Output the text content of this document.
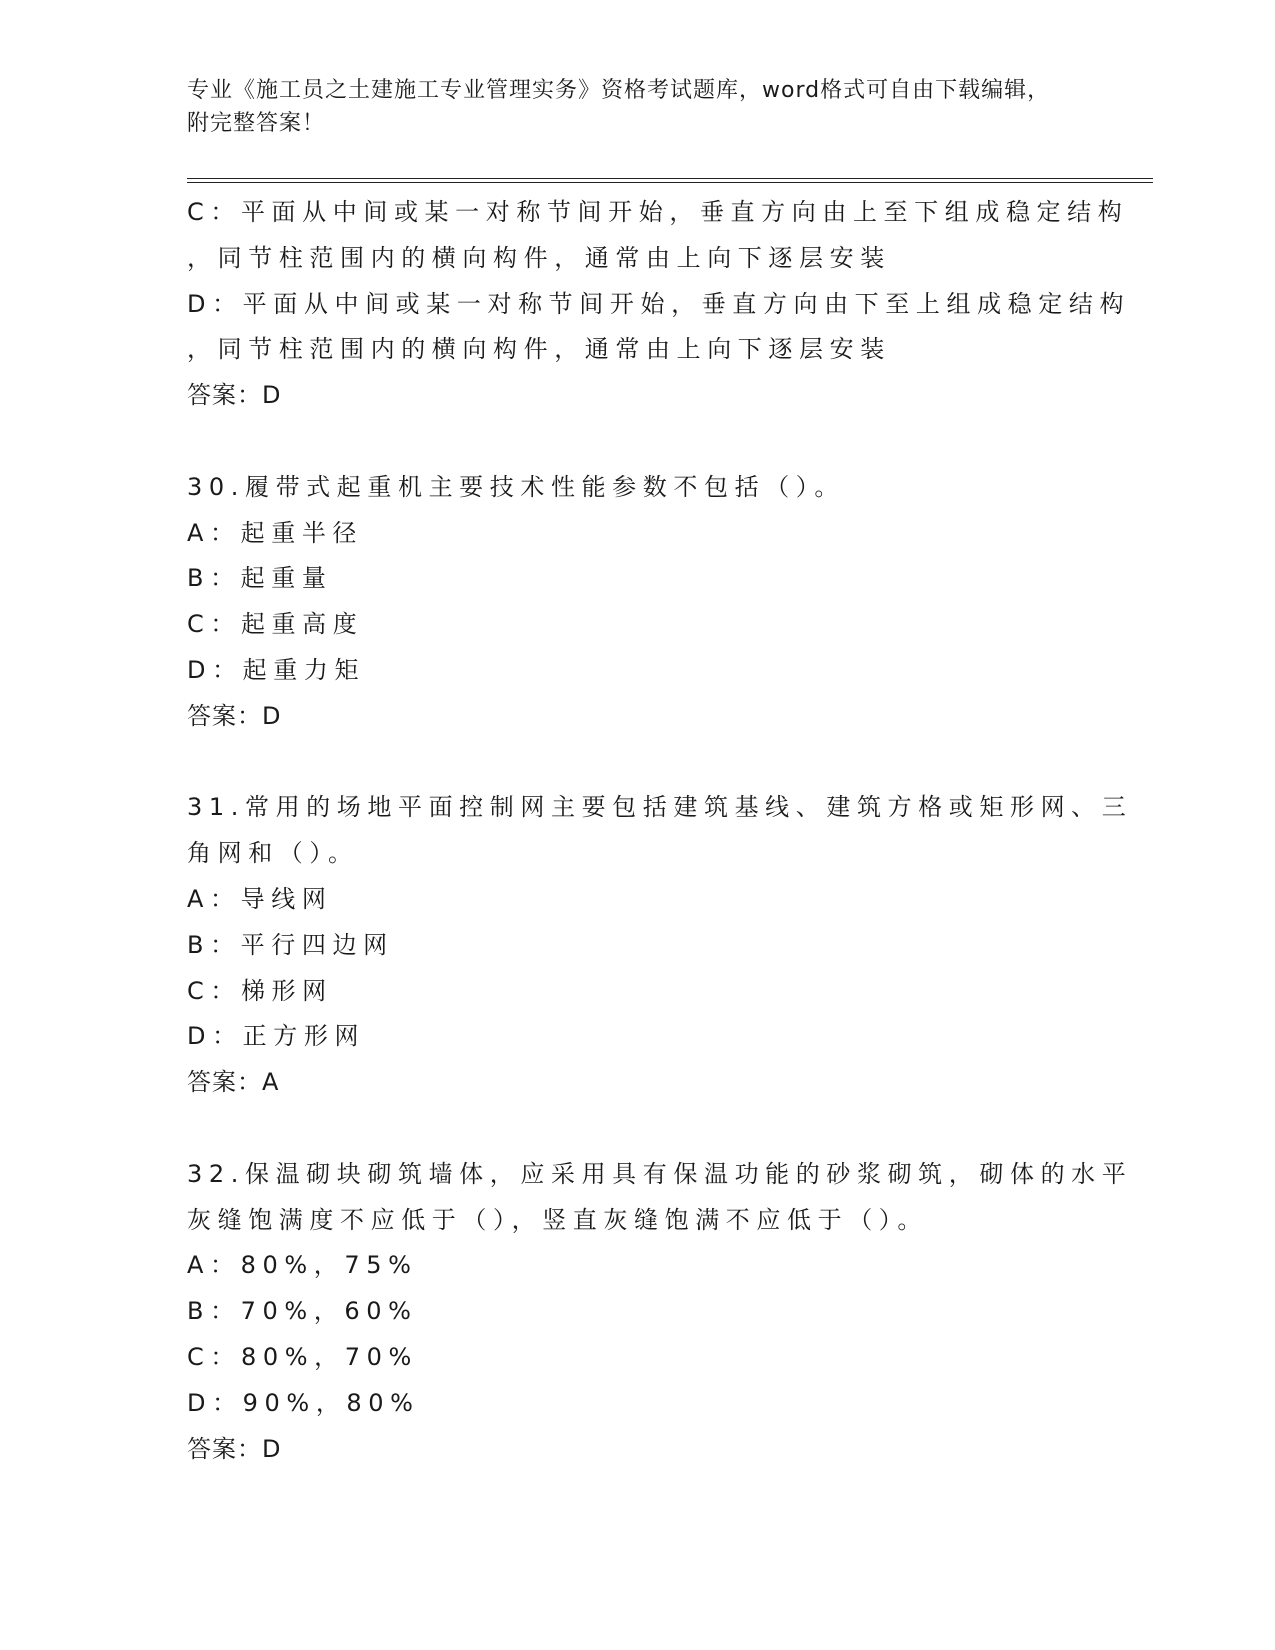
专业《施工员之土建施工专业管理实务》资格考试题库，word格式可自由下载编辑，附完整答案！
C：平面从中间或某一对称节间开始，垂直方向由上至下组成稳定结构
，同节柱范围内的横向构件，通常由上向下逐层安装
D：平面从中间或某一对称节间开始，垂直方向由下至上组成稳定结构
，同节柱范围内的横向构件，通常由上向下逐层安装
答案：D
30.履带式起重机主要技术性能参数不包括（）。
A：起重半径
B：起重量
C：起重高度
D：起重力矩
答案：D
31.常用的场地平面控制网主要包括建筑基线、建筑方格或矩形网、三
角网和（）。
A：导线网
B：平行四边网
C：梯形网
D：正方形网
答案：A
32.保温砌块砌筑墙体，应采用具有保温功能的砂浆砌筑，砌体的水平
灰缝饱满度不应低于（），竖直灰缝饱满不应低于（）。
A：80%，75%
B：70%，60%
C：80%，70%
D：90%，80%
答案：D
